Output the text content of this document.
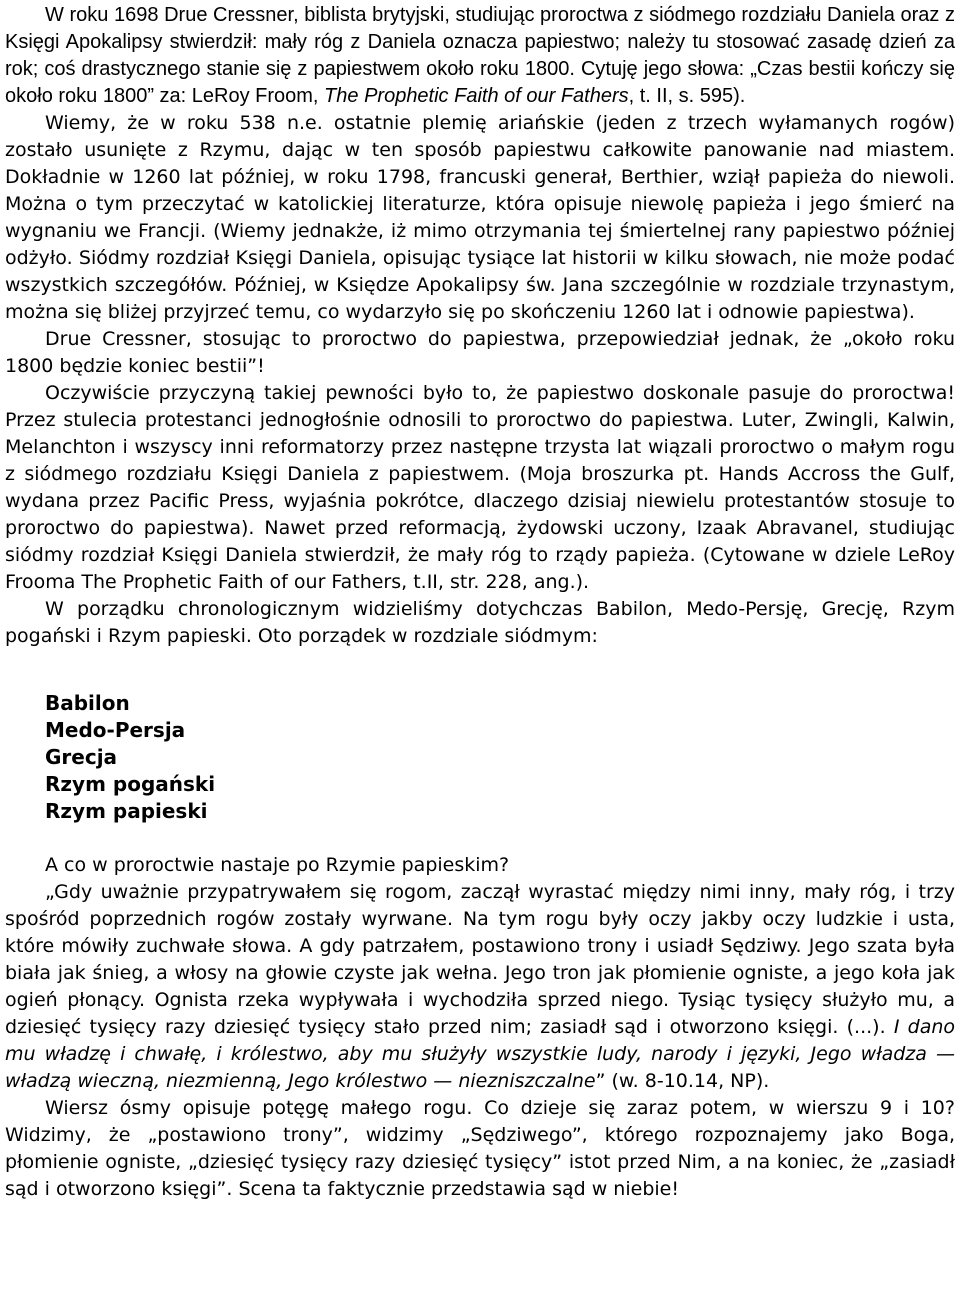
W roku 1698 Drue Cressner, biblista brytyjski, studiując proroctwa z siódmego rozdziału Daniela oraz z Księgi Apokalipsy stwierdził: mały róg z Daniela oznacza papiestwo; należy tu stosować zasadę dzień za rok; coś drastycznego stanie się z papiestwem około roku 1800. Cytuję jego słowa: „Czas bestii kończy się około roku 1800” za: LeRoy Froom, The Prophetic Faith of our Fathers, t. II, s. 595).

Wiemy, że w roku 538 n.e. ostatnie plemię ariańskie (jeden z trzech wyłamanych rogów) zostało usunięte z Rzymu, dając w ten sposób papiestwu całkowite panowanie nad miastem. Dokładnie w 1260 lat później, w roku 1798, francuski generał, Berthier, wziął papieża do niewoli. Można o tym przeczytać w katolickiej literaturze, która opisuje niewolę papieża i jego śmierć na wygnaniu we Francji. (Wiemy jednakże, iż mimo otrzymania tej śmiertelnej rany papiestwo później odżyło. Siódmy rozdział Księgi Daniela, opisując tysiące lat historii w kilku słowach, nie może podać wszystkich szczegółów. Później, w Księdze Apokalipsy św. Jana szczególnie w rozdziale trzynastym, można się bliżej przyjrzeć temu, co wydarzyło się po skończeniu 1260 lat i odnowie papiestwa).

Drue Cressner, stosując to proroctwo do papiestwa, przepowiedział jednak, że „około roku 1800 będzie koniec bestii”!

Oczywiście przyczyną takiej pewności było to, że papiestwo doskonale pasuje do proroctwa! Przez stulecia protestanci jednogłośnie odnosili to proroctwo do papiestwa. Luter, Zwingli, Kalwin, Melanchton i wszyscy inni reformatorzy przez następne trzysta lat wiązali proroctwo o małym rogu z siódmego rozdziału Księgi Daniela z papiestwem. (Moja broszurka pt. Hands Accross the Gulf, wydana przez Pacific Press, wyjaśnia pokrótce, dlaczego dzisiaj niewielu protestantów stosuje to proroctwo do papiestwa). Nawet przed reformacją, żydowski uczony, Izaak Abravanel, studiując siódmy rozdział Księgi Daniela stwierdził, że mały róg to rządy papieża. (Cytowane w dziele LeRoy Frooma The Prophetic Faith of our Fathers, t.II, str. 228, ang.).

W porządku chronologicznym widzieliśmy dotychczas Babilon, Medo-Persję, Grecję, Rzym pogański i Rzym papieski. Oto porządek w rozdziale siódmym:

Babilon
Medo-Persja
Grecja
Rzym pogański
Rzym papieski

A co w proroctwie nastaje po Rzymie papieskim?

„Gdy uważnie przypatrywałem się rogom, zaczął wyrastać między nimi inny, mały róg, i trzy spośród poprzednich rogów zostały wyrwane. Na tym rogu były oczy jakby oczy ludzkie i usta, które mówiły zuchwałe słowa. A gdy patrzałem, postawiono trony i usiadł Sędziwy. Jego szata była biała jak śnieg, a włosy na głowie czyste jak wełna. Jego tron jak płomienie ogniste, a jego koła jak ogień płonący. Ognista rzeka wypływała i wychodziła sprzed niego. Tysiąc tysięcy służyło mu, a dziesięć tysięcy razy dziesięć tysięcy stało przed nim; zasiadł sąd i otworzono księgi. (...). I dano mu władzę i chwałę, i królestwo, aby mu służyły wszystkie ludy, narody i języki, Jego władza — władzą wieczną, niezmienną, Jego królestwo — niezniszczalne” (w. 8-10.14, NP).

Wiersz ósmy opisuje potęgę małego rogu. Co dzieje się zaraz potem, w wierszu 9 i 10? Widzimy, że „postawiono trony”, widzimy „Sędziwego”, którego rozpoznajemy jako Boga, płomienie ogniste, „dziesięć tysięcy razy dziesięć tysięcy” istot przed Nim, a na koniec, że „zasiadł sąd i otworzono księgi”. Scena ta faktycznie przedstawia sąd w niebie!
